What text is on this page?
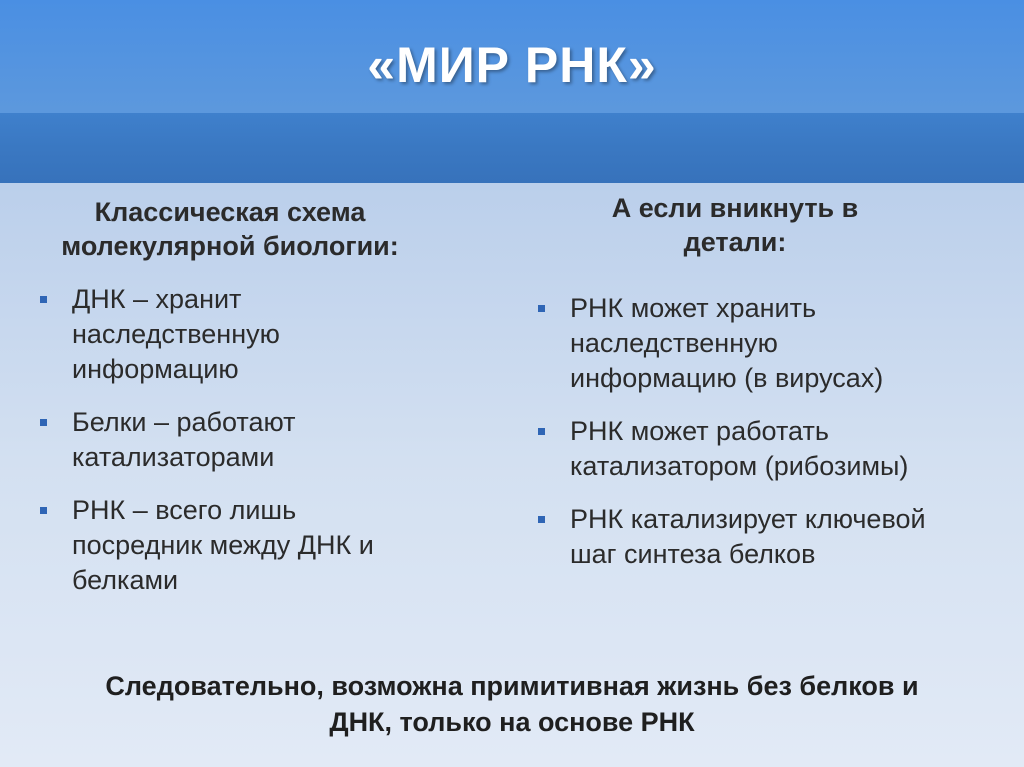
«МИР РНК»
Классическая схема
молекулярной биологии:
А если вникнуть в
детали:
ДНК – хранит
наследственную
информацию
Белки – работают
катализаторами
РНК – всего лишь
посредник между ДНК и
белками
РНК может хранить
наследственную
информацию (в вирусах)
РНК может работать
катализатором (рибозимы)
РНК катализирует ключевой
шаг синтеза белков
Следовательно, возможна примитивная жизнь без белков и
ДНК, только на основе РНК
